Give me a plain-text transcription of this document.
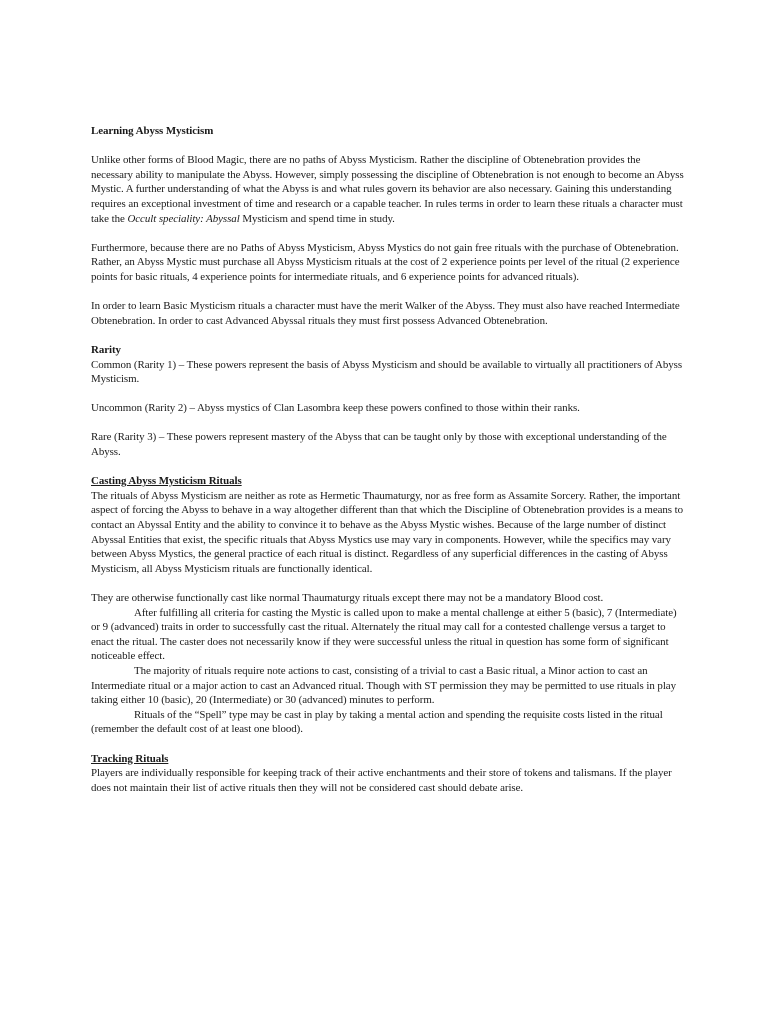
Learning Abyss Mysticism

Unlike other forms of Blood Magic, there are no paths of Abyss Mysticism. Rather the discipline of Obtenebration provides the necessary ability to manipulate the Abyss. However, simply possessing the discipline of Obtenebration is not enough to become an Abyss Mystic. A further understanding of what the Abyss is and what rules govern its behavior are also necessary. Gaining this understanding requires an exceptional investment of time and research or a capable teacher. In rules terms in order to learn these rituals a character must take the Occult speciality: Abyssal Mysticism and spend time in study.

Furthermore, because there are no Paths of Abyss Mysticism, Abyss Mystics do not gain free rituals with the purchase of Obtenebration. Rather, an Abyss Mystic must purchase all Abyss Mysticism rituals at the cost of 2 experience points per level of the ritual (2 experience points for basic rituals, 4 experience points for intermediate rituals, and 6 experience points for advanced rituals).

In order to learn Basic Mysticism rituals a character must have the merit Walker of the Abyss. They must also have reached Intermediate Obtenebration. In order to cast Advanced Abyssal rituals they must first possess Advanced Obtenebration.

Rarity

Common (Rarity 1) – These powers represent the basis of Abyss Mysticism and should be available to virtually all practitioners of Abyss Mysticism.

Uncommon (Rarity 2) – Abyss mystics of Clan Lasombra keep these powers confined to those within their ranks.

Rare (Rarity 3) – These powers represent mastery of the Abyss that can be taught only by those with exceptional understanding of the Abyss.

Casting Abyss Mysticism Rituals

The rituals of Abyss Mysticism are neither as rote as Hermetic Thaumaturgy, nor as free form as Assamite Sorcery. Rather, the important aspect of forcing the Abyss to behave in a way altogether different than that which the Discipline of Obtenebration provides is a means to contact an Abyssal Entity and the ability to convince it to behave as the Abyss Mystic wishes. Because of the large number of distinct Abyssal Entities that exist, the specific rituals that Abyss Mystics use may vary in components. However, while the specifics may vary between Abyss Mystics, the general practice of each ritual is distinct. Regardless of any superficial differences in the casting of Abyss Mysticism, all Abyss Mysticism rituals are functionally identical.

They are otherwise functionally cast like normal Thaumaturgy rituals except there may not be a mandatory Blood cost.

After fulfilling all criteria for casting the Mystic is called upon to make a mental challenge at either 5 (basic), 7 (Intermediate) or 9 (advanced) traits in order to successfully cast the ritual. Alternately the ritual may call for a contested challenge versus a target to enact the ritual. The caster does not necessarily know if they were successful unless the ritual in question has some form of significant noticeable effect.

The majority of rituals require note actions to cast, consisting of a trivial to cast a Basic ritual, a Minor action to cast an Intermediate ritual or a major action to cast an Advanced ritual. Though with ST permission they may be permitted to use rituals in play taking either 10 (basic), 20 (Intermediate) or 30 (advanced) minutes to perform.

Rituals of the “Spell” type may be cast in play by taking a mental action and spending the requisite costs listed in the ritual (remember the default cost of at least one blood).

Tracking Rituals

Players are individually responsible for keeping track of their active enchantments and their store of tokens and talismans. If the player does not maintain their list of active rituals then they will not be considered cast should debate arise.
